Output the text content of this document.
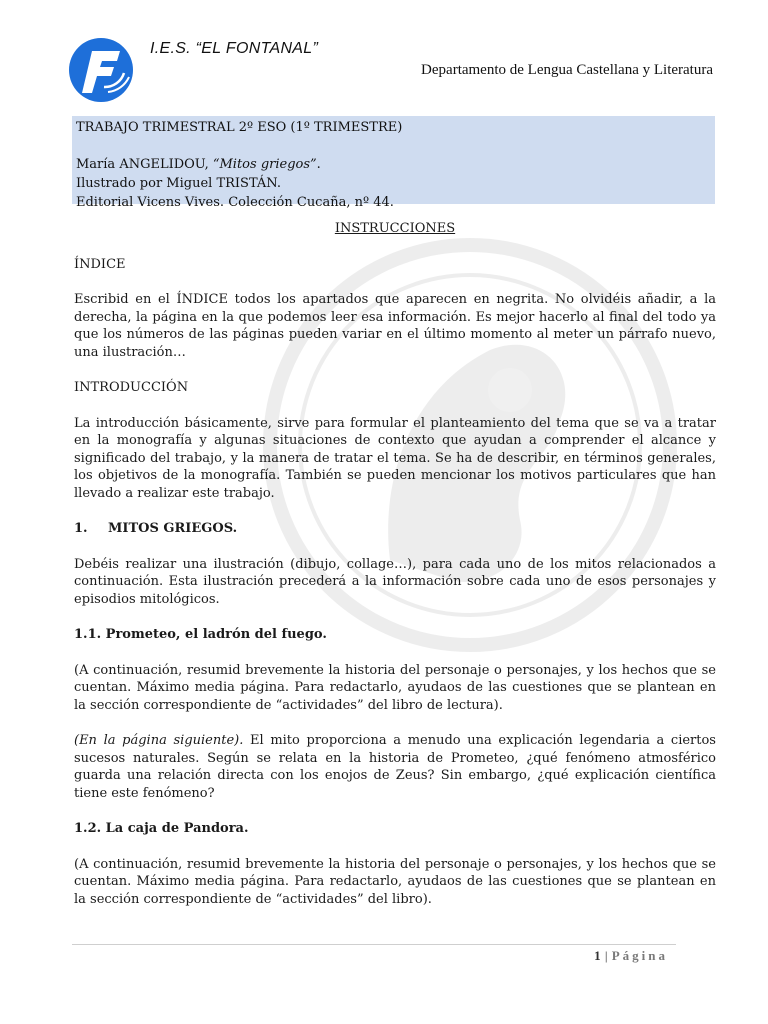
I.E.S. “EL FONTANAL”
Departamento de Lengua Castellana y Literatura
TRABAJO TRIMESTRAL 2º ESO (1º TRIMESTRE)
María ANGELIDOU, “Mitos griegos”.
Ilustrado por Miguel TRISTÁN.
Editorial Vicens Vives. Colección Cucaña, nº 44.
INSTRUCCIONES
ÍNDICE
Escribid en el ÍNDICE todos los apartados que aparecen en negrita. No olvidéis añadir, a la derecha, la página en la que podemos leer esa información. Es mejor hacerlo al final del todo ya que los números de las páginas pueden variar en el último momento al meter un párrafo nuevo, una ilustración…
INTRODUCCIÓN
La introducción básicamente, sirve para formular el planteamiento del tema que se va a tratar en la monografía y algunas situaciones de contexto que ayudan a comprender el alcance y significado del trabajo, y la manera de tratar el tema. Se ha de describir, en términos generales, los objetivos de la monografía. También se pueden mencionar los motivos particulares que han llevado a realizar este trabajo.
1. MITOS GRIEGOS.
Debéis realizar una ilustración (dibujo, collage…), para cada uno de los mitos relacionados a continuación. Esta ilustración precederá a la información sobre cada uno de esos personajes y episodios mitológicos.
1.1. Prometeo, el ladrón del fuego.
(A continuación, resumid brevemente la historia del personaje o personajes, y los hechos que se cuentan. Máximo media página. Para redactarlo, ayudaos de las cuestiones que se plantean en la sección correspondiente de “actividades” del libro de lectura).
(En la página siguiente). El mito proporciona a menudo una explicación legendaria a ciertos sucesos naturales. Según se relata en la historia de Prometeo, ¿qué fenómeno atmosférico guarda una relación directa con los enojos de Zeus? Sin embargo, ¿qué explicación científica tiene este fenómeno?
1.2. La caja de Pandora.
(A continuación, resumid brevemente la historia del personaje o personajes, y los hechos que se cuentan. Máximo media página. Para redactarlo, ayudaos de las cuestiones que se plantean en la sección correspondiente de “actividades” del libro).
1 | Página
